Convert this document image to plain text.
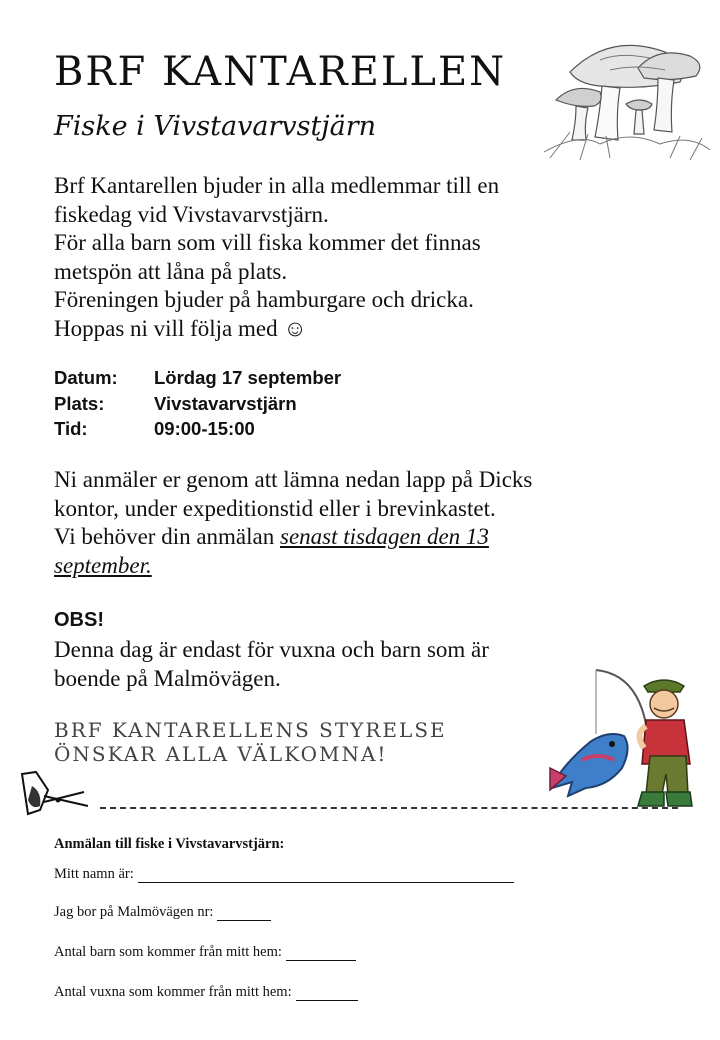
BRF KANTARELLEN
Fiske i Vivstavarvstjärn
Brf Kantarellen bjuder in alla medlemmar till en
fiskedag vid Vivstavarvstjärn.
För alla barn som vill fiska kommer det finnas
metspön att låna på plats.
Föreningen bjuder på hamburgare och dricka.
Hoppas ni vill följa med ☺
Datum:	Lördag 17 september
Plats:	Vivstavarvstjärn
Tid:	09:00-15:00
Ni anmäler er genom att lämna nedan lapp på Dicks
kontor, under expeditionstid eller i brevinkastet.
Vi behöver din anmälan senast tisdagen den 13
september.
OBS!
Denna dag är endast för vuxna och barn som är
boende på Malmövägen.
BRF KANTARELLENS STYRELSE
ÖNSKAR ALLA VÄLKOMNA!
Anmälan till fiske i Vivstavarvstjärn:
Mitt namn är:
Jag bor på Malmövägen nr:
Antal barn som kommer från mitt hem:
Antal vuxna som kommer från mitt hem:
